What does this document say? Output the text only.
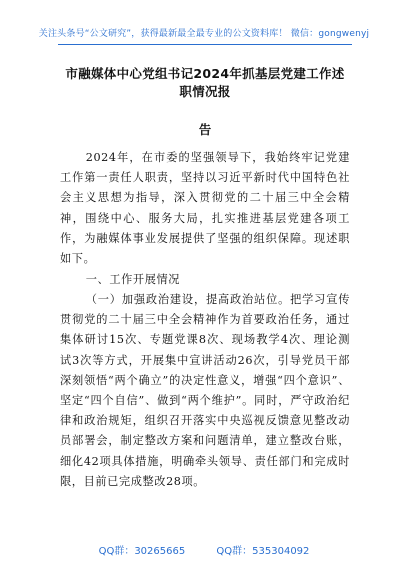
关注头条号“公文研究”，获得最新最全最专业的公文资料库！ 微信：gongwenyj
市融媒体中心党组书记2024年抓基层党建工作述职情况报
告
2024年，在市委的坚强领导下，我始终牢记党建工作第一责任人职责，坚持以习近平新时代中国特色社会主义思想为指导，深入贯彻党的二十届三中全会精神，围绕中心、服务大局，扎实推进基层党建各项工作，为融媒体事业发展提供了坚强的组织保障。现述职如下。
一、工作开展情况
（一）加强政治建设，提高政治站位。把学习宣传贯彻党的二十届三中全会精神作为首要政治任务，通过集体研讨15次、专题党课8次、现场教学4次、理论测试3次等方式，开展集中宣讲活动26次，引导党员干部深刻领悟“两个确立”的决定性意义，增强“四个意识”、坚定“四个自信”、做到“两个维护”。同时，严守政治纪律和政治规矩，组织召开落实中央巡视反馈意见整改动员部署会，制定整改方案和问题清单，建立整改台账，细化42项具体措施，明确牵头领导、责任部门和完成时限，目前已完成整改28项。
QQ群：30265665	QQ群：535304092
